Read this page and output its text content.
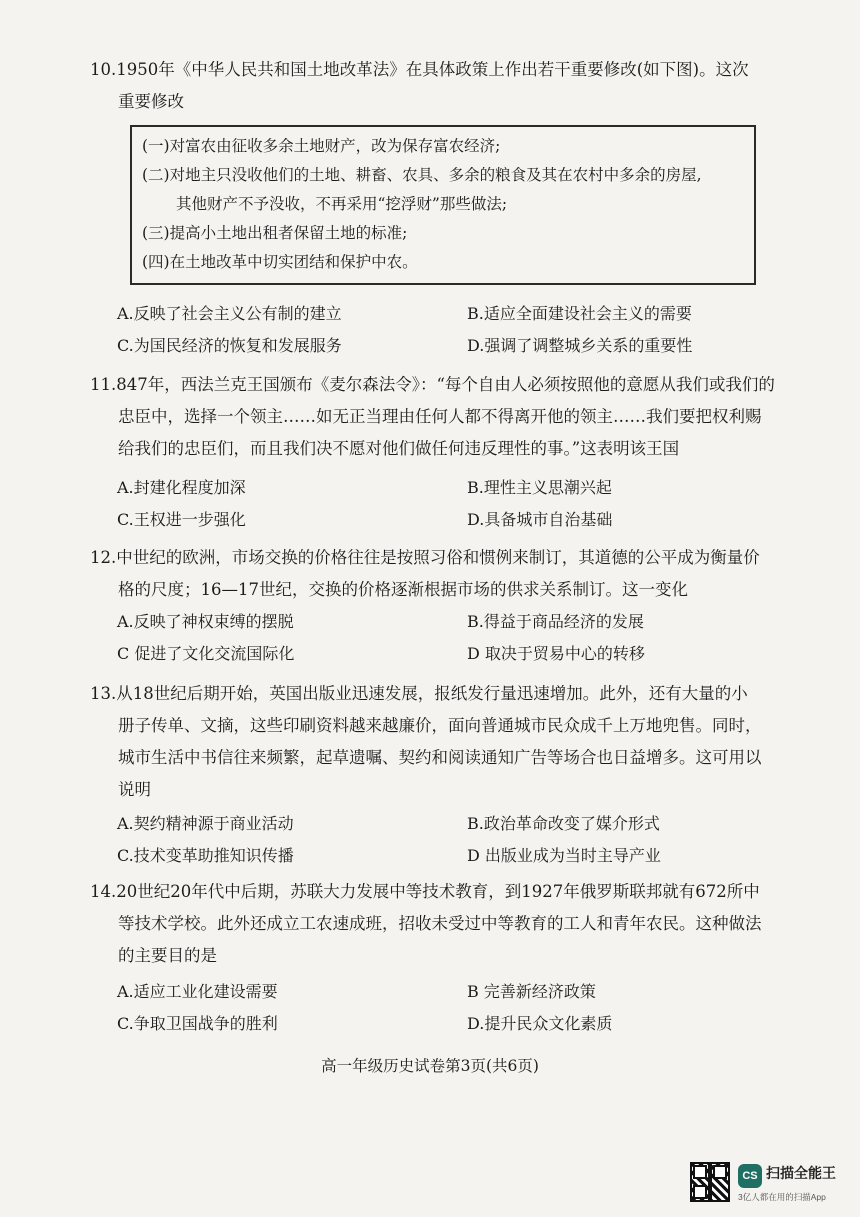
10.1950年《中华人民共和国土地改革法》在具体政策上作出若干重要修改(如下图)。这次

重要修改

(一)对富农由征收多余土地财产，改为保存富农经济;

(二)对地主只没收他们的土地、耕畜、农具、多余的粮食及其在农村中多余的房屋,

其他财产不予没收，不再采用“挖浮财”那些做法;

(三)提高小土地出租者保留土地的标准;

(四)在土地改革中切实团结和保护中农。

A.反映了社会主义公有制的建立	B.适应全面建设社会主义的需要
C.为国民经济的恢复和发展服务	D.强调了调整城乡关系的重要性

11.847年，西法兰克王国颁布《麦尔森法令》：“每个自由人必须按照他的意愿从我们或我们的

忠臣中，选择一个领主……如无正当理由任何人都不得离开他的领主……我们要把权利赐

给我们的忠臣们，而且我们决不愿对他们做任何违反理性的事。”这表明该王国

A.封建化程度加深	B.理性主义思潮兴起
C.王权进一步强化	D.具备城市自治基础

12.中世纪的欧洲，市场交换的价格往往是按照习俗和惯例来制订，其道德的公平成为衡量价

格的尺度；16—17世纪，交换的价格逐渐根据市场的供求关系制订。这一变化

A.反映了神权束缚的摆脱	B.得益于商品经济的发展
C 促进了文化交流国际化	D 取决于贸易中心的转移

13.从18世纪后期开始，英国出版业迅速发展，报纸发行量迅速增加。此外，还有大量的小

册子传单、文摘，这些印刷资料越来越廉价，面向普通城市民众成千上万地兜售。同时，

城市生活中书信往来频繁，起草遗嘱、契约和阅读通知广告等场合也日益增多。这可用以

说明

A.契约精神源于商业活动	B.政治革命改变了媒介形式
C.技术变革助推知识传播	D 出版业成为当时主导产业

14.20世纪20年代中后期，苏联大力发展中等技术教育，到1927年俄罗斯联邦就有672所中

等技术学校。此外还成立工农速成班，招收未受过中等教育的工人和青年农民。这种做法

的主要目的是

A.适应工业化建设需要	B 完善新经济政策
C.争取卫国战争的胜利	D.提升民众文化素质
高一年级历史试卷第3页(共6页)
CS 扫描全能王
3亿人都在用的扫描App
